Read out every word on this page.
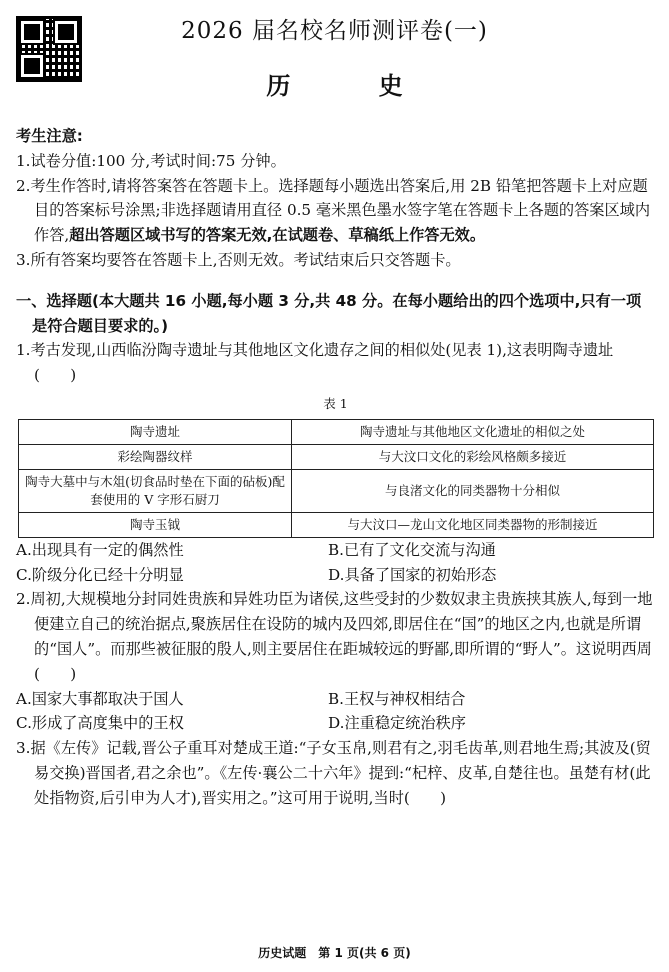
2026 届名校名师测评卷(一)
历 史

考生注意:

1.试卷分值:100 分,考试时间:75 分钟。

2.考生作答时,请将答案答在答题卡上。选择题每小题选出答案后,用 2B 铅笔把答题卡上对应题目的答案标号涂黑;非选择题请用直径 0.5 毫米黑色墨水签字笔在答题卡上各题的答案区域内作答,超出答题区域书写的答案无效,在试题卷、草稿纸上作答无效。

3.所有答案均要答在答题卡上,否则无效。考试结束后只交答题卡。

一、选择题(本大题共 16 小题,每小题 3 分,共 48 分。在每小题给出的四个选项中,只有一项是符合题目要求的。)

1.考古发现,山西临汾陶寺遗址与其他地区文化遗存之间的相似处(见表 1),这表明陶寺遗址(　　)

表 1
陶寺遗址	陶寺遗址与其他地区文化遗址的相似之处
彩绘陶器纹样	与大汶口文化的彩绘风格颇多接近
陶寺大墓中与木俎(切食品时垫在下面的砧板)配套使用的 V 字形石厨刀	与良渚文化的同类器物十分相似
陶寺玉钺	与大汶口—龙山文化地区同类器物的形制接近
A.出现具有一定的偶然性	B.已有了文化交流与沟通
C.阶级分化已经十分明显	D.具备了国家的初始形态

2.周初,大规模地分封同姓贵族和异姓功臣为诸侯,这些受封的少数奴隶主贵族挟其族人,每到一地便建立自己的统治据点,聚族居住在设防的城内及四郊,即居住在“国”的地区之内,也就是所谓的“国人”。而那些被征服的殷人,则主要居住在距城较远的野鄙,即所谓的“野人”。这说明西周(　　)

A.国家大事都取决于国人	B.王权与神权相结合
C.形成了高度集中的王权	D.注重稳定统治秩序

3.据《左传》记载,晋公子重耳对楚成王道:“子女玉帛,则君有之,羽毛齿革,则君地生焉;其波及(贸易交换)晋国者,君之余也”。《左传·襄公二十六年》提到:“杞梓、皮革,自楚往也。虽楚有材(此处指物资,后引申为人才),晋实用之。”这可用于说明,当时(　　)

历史试题　第 1 页(共 6 页)
